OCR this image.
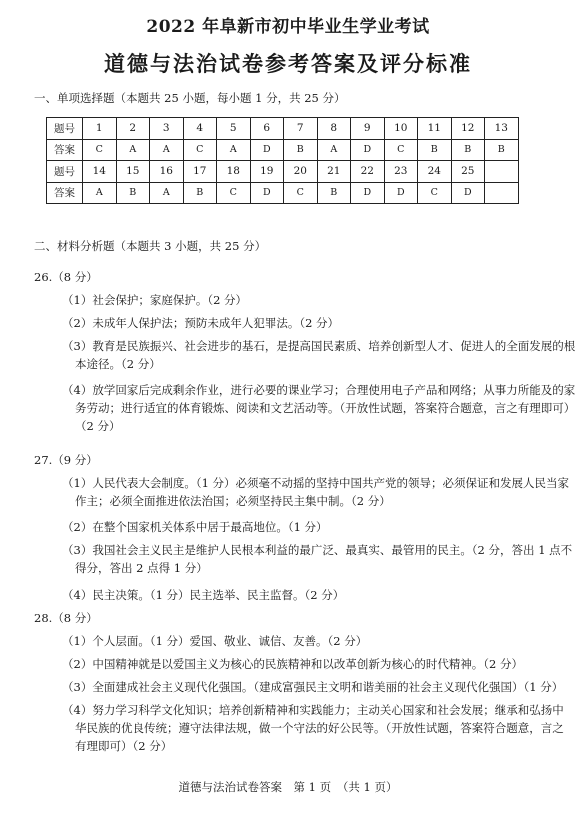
2022 年阜新市初中毕业生学业考试
道德与法治试卷参考答案及评分标准
一、单项选择题（本题共 25 小题，每小题 1 分，共 25 分）
题号	1	2	3	4	5	6	7	8	9	10	11	12	13
答案	C	A	A	C	A	D	B	A	D	C	B	B	B
题号	14	15	16	17	18	19	20	21	22	23	24	25	
答案	A	B	A	B	C	D	C	B	D	D	C	D	
二、材料分析题（本题共 3 小题，共 25 分）
26.（8 分）
（1）社会保护；家庭保护。（2 分）
（2）未成年人保护法；预防未成年人犯罪法。（2 分）
（3）教育是民族振兴、社会进步的基石，是提高国民素质、培养创新型人才、促进人的全面发展的根
本途径。（2 分）
（4）放学回家后完成剩余作业，进行必要的课业学习；合理使用电子产品和网络；从事力所能及的家
务劳动；进行适宜的体育锻炼、阅读和文艺活动等。（开放性试题，答案符合题意，言之有理即可）
（2 分）
27.（9 分）
（1）人民代表大会制度。（1 分）必须毫不动摇的坚持中国共产党的领导；必须保证和发展人民当家
作主；必须全面推进依法治国；必须坚持民主集中制。（2 分）
（2）在整个国家机关体系中居于最高地位。（1 分）
（3）我国社会主义民主是维护人民根本利益的最广泛、最真实、最管用的民主。（2 分，答出 1 点不
得分，答出 2 点得 1 分）
（4）民主决策。（1 分）民主选举、民主监督。（2 分）
28.（8 分）
（1）个人层面。（1 分）爱国、敬业、诚信、友善。（2 分）
（2）中国精神就是以爱国主义为核心的民族精神和以改革创新为核心的时代精神。（2 分）
（3）全面建成社会主义现代化强国。（建成富强民主文明和谐美丽的社会主义现代化强国）（1 分）
（4）努力学习科学文化知识；培养创新精神和实践能力；主动关心国家和社会发展；继承和弘扬中
华民族的优良传统；遵守法律法规，做一个守法的好公民等。（开放性试题，答案符合题意，言之
有理即可）（2 分）
道德与法治试卷答案　第 1 页　（共 1 页）
